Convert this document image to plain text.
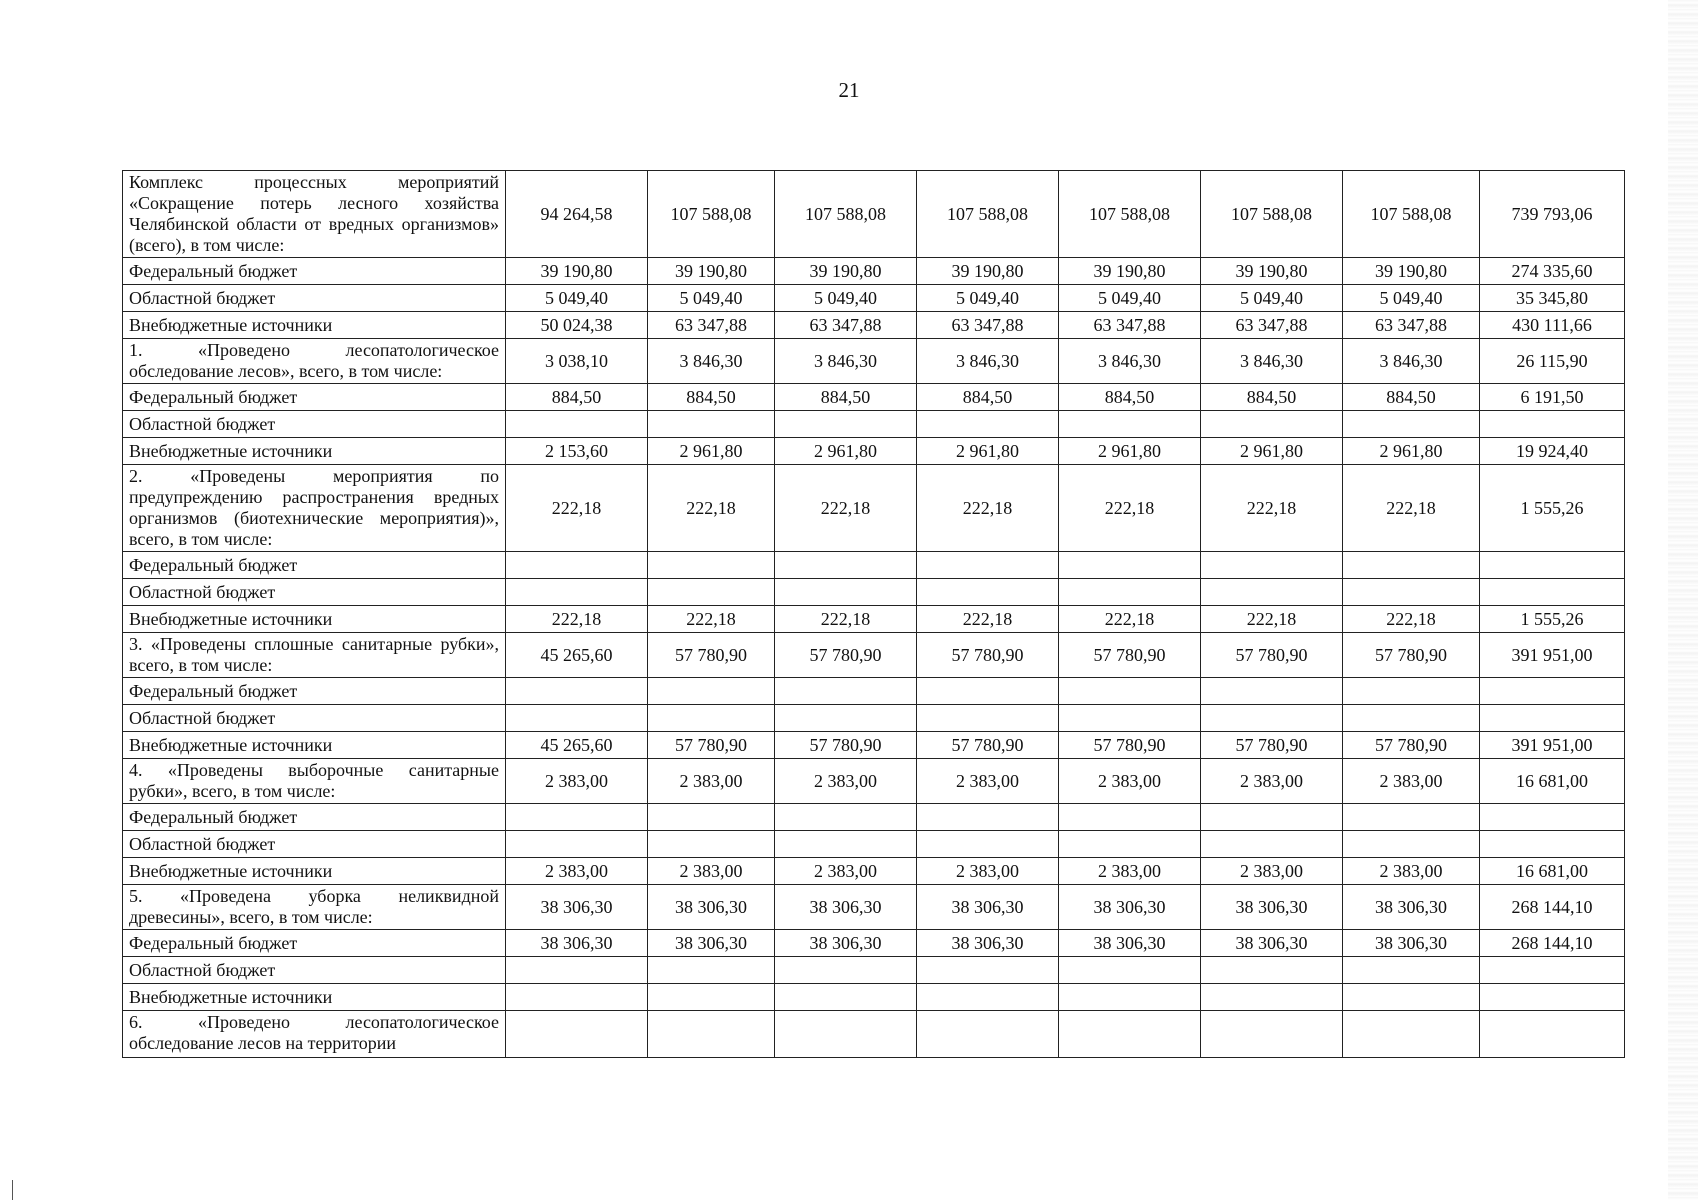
21
Комплекс процессных мероприятий «Сокращение потерь лесного хозяйства Челябинской области от вредных организмов» (всего), в том числе:	94 264,58	107 588,08	107 588,08	107 588,08	107 588,08	107 588,08	107 588,08	739 793,06
Федеральный бюджет	39 190,80	39 190,80	39 190,80	39 190,80	39 190,80	39 190,80	39 190,80	274 335,60
Областной бюджет	5 049,40	5 049,40	5 049,40	5 049,40	5 049,40	5 049,40	5 049,40	35 345,80
Внебюджетные источники	50 024,38	63 347,88	63 347,88	63 347,88	63 347,88	63 347,88	63 347,88	430 111,66
1. «Проведено лесопатологическое обследование лесов», всего, в том числе:	3 038,10	3 846,30	3 846,30	3 846,30	3 846,30	3 846,30	3 846,30	26 115,90
Федеральный бюджет	884,50	884,50	884,50	884,50	884,50	884,50	884,50	6 191,50
Областной бюджет								
Внебюджетные источники	2 153,60	2 961,80	2 961,80	2 961,80	2 961,80	2 961,80	2 961,80	19 924,40
2. «Проведены мероприятия по предупреждению распространения вредных организмов (биотехнические мероприятия)», всего, в том числе:	222,18	222,18	222,18	222,18	222,18	222,18	222,18	1 555,26
Федеральный бюджет								
Областной бюджет								
Внебюджетные источники	222,18	222,18	222,18	222,18	222,18	222,18	222,18	1 555,26
3. «Проведены сплошные санитарные рубки», всего, в том числе:	45 265,60	57 780,90	57 780,90	57 780,90	57 780,90	57 780,90	57 780,90	391 951,00
Федеральный бюджет								
Областной бюджет								
Внебюджетные источники	45 265,60	57 780,90	57 780,90	57 780,90	57 780,90	57 780,90	57 780,90	391 951,00
4. «Проведены выборочные санитарные рубки», всего, в том числе:	2 383,00	2 383,00	2 383,00	2 383,00	2 383,00	2 383,00	2 383,00	16 681,00
Федеральный бюджет								
Областной бюджет								
Внебюджетные источники	2 383,00	2 383,00	2 383,00	2 383,00	2 383,00	2 383,00	2 383,00	16 681,00
5. «Проведена уборка неликвидной древесины», всего, в том числе:	38 306,30	38 306,30	38 306,30	38 306,30	38 306,30	38 306,30	38 306,30	268 144,10
Федеральный бюджет	38 306,30	38 306,30	38 306,30	38 306,30	38 306,30	38 306,30	38 306,30	268 144,10
Областной бюджет								
Внебюджетные источники								
6. «Проведено лесопатологическое обследование лесов на территории								
